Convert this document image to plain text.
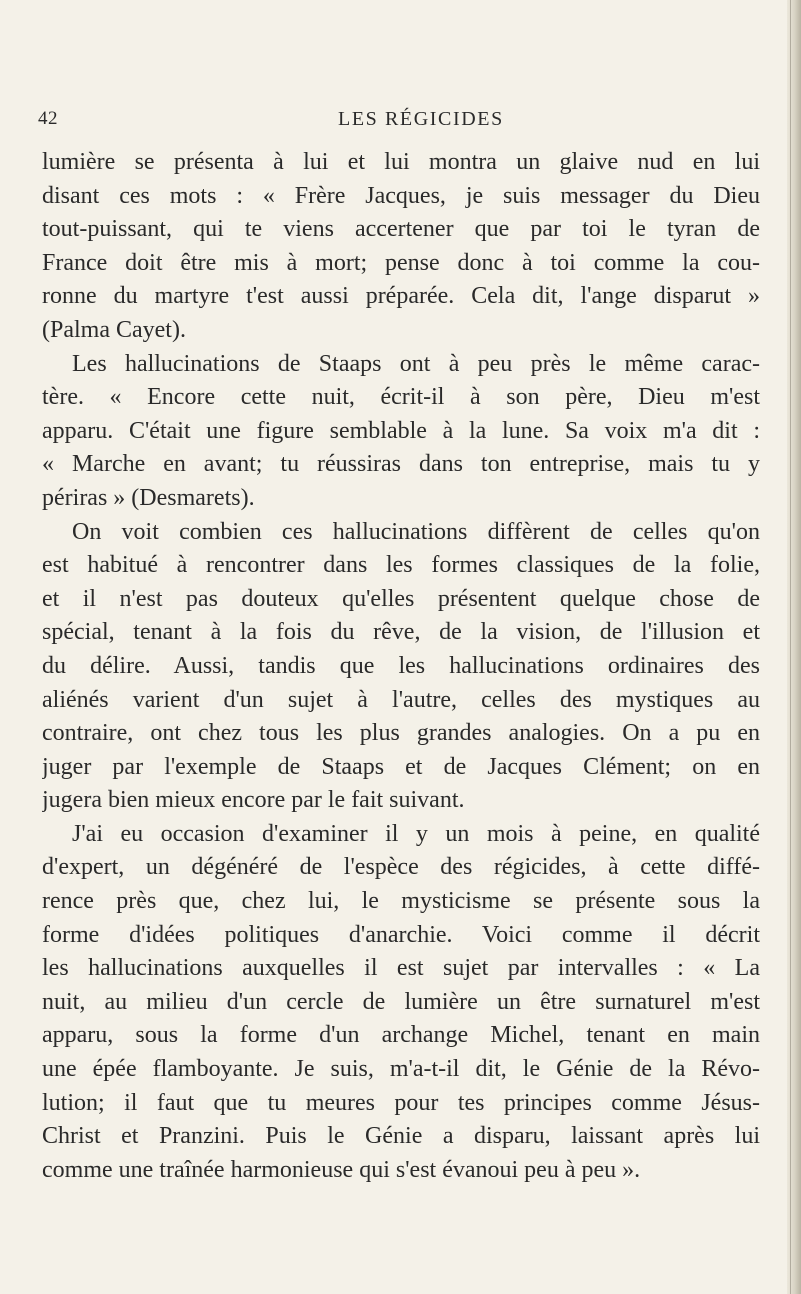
42	LES RÉGICIDES
lumière se présenta à lui et lui montra un glaive nud en lui
disant ces mots : « Frère Jacques, je suis messager du Dieu
tout-puissant, qui te viens accertener que par toi le tyran de
France doit être mis à mort; pense donc à toi comme la cou-
ronne du martyre t'est aussi préparée. Cela dit, l'ange disparut »
(Palma Cayet).
Les hallucinations de Staaps ont à peu près le même carac-
tère. « Encore cette nuit, écrit-il à son père, Dieu m'est
apparu. C'était une figure semblable à la lune. Sa voix m'a dit :
« Marche en avant; tu réussiras dans ton entreprise, mais tu y
périras » (Desmarets).
On voit combien ces hallucinations diffèrent de celles qu'on
est habitué à rencontrer dans les formes classiques de la folie,
et il n'est pas douteux qu'elles présentent quelque chose de
spécial, tenant à la fois du rêve, de la vision, de l'illusion et
du délire. Aussi, tandis que les hallucinations ordinaires des
aliénés varient d'un sujet à l'autre, celles des mystiques au
contraire, ont chez tous les plus grandes analogies. On a pu en
juger par l'exemple de Staaps et de Jacques Clément; on en
jugera bien mieux encore par le fait suivant.
J'ai eu occasion d'examiner il y un mois à peine, en qualité
d'expert, un dégénéré de l'espèce des régicides, à cette diffé-
rence près que, chez lui, le mysticisme se présente sous la
forme d'idées politiques d'anarchie. Voici comme il décrit
les hallucinations auxquelles il est sujet par intervalles : « La
nuit, au milieu d'un cercle de lumière un être surnaturel m'est
apparu, sous la forme d'un archange Michel, tenant en main
une épée flamboyante. Je suis, m'a-t-il dit, le Génie de la Révo-
lution; il faut que tu meures pour tes principes comme Jésus-
Christ et Pranzini. Puis le Génie a disparu, laissant après lui
comme une traînée harmonieuse qui s'est évanoui peu à peu ».
